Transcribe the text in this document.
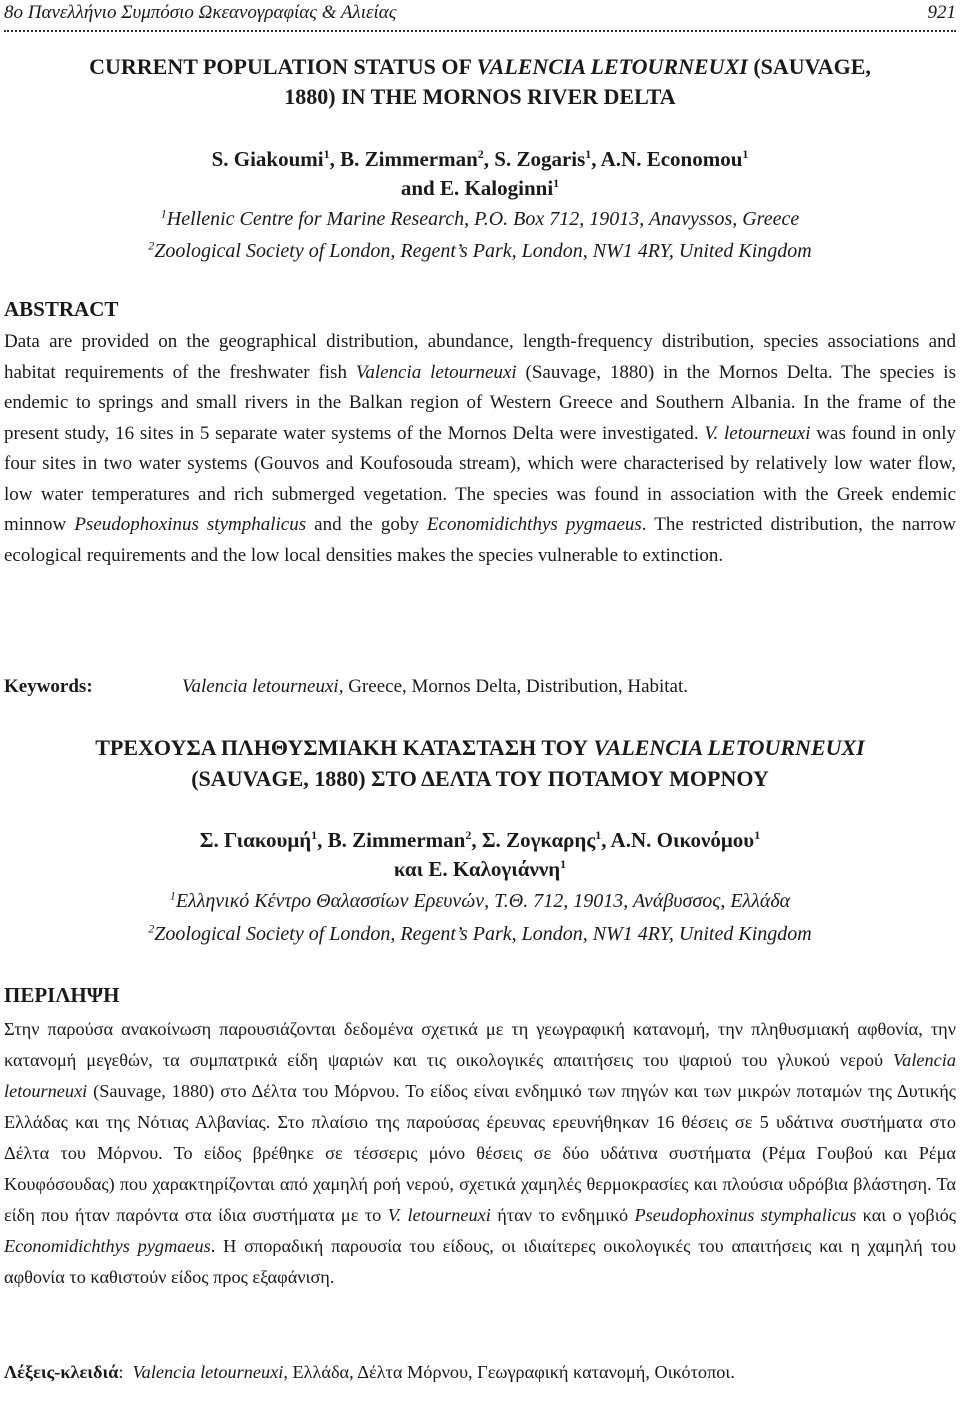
8ο Πανελλήνιο Συμπόσιο Ωκεανογραφίας & Αλιείας	921
CURRENT POPULATION STATUS OF VALENCIA LETOURNEUXI (SAUVAGE,
1880) IN THE MORNOS RIVER DELTA
S. Giakoumi$^1$, B. Zimmerman$^2$, S. Zogaris$^1$, A.N. Economou$^1$
and E. Kaloginni$^1$
$^1$Hellenic Centre for Marine Research, P.O. Box 712, 19013, Anavyssos, Greece
$^2$Zoological Society of London, Regent’s Park, London, NW1 4RY, United Kingdom
ABSTRACT
Data are provided on the geographical distribution, abundance, length-frequency distribution, species associations and habitat requirements of the freshwater fish Valencia letourneuxi (Sauvage, 1880) in the Mornos Delta. The species is endemic to springs and small rivers in the Balkan region of Western Greece and Southern Albania. In the frame of the present study, 16 sites in 5 separate water systems of the Mornos Delta were investigated. V. letourneuxi was found in only four sites in two water systems (Gouvos and Koufosouda stream), which were characterised by relatively low water flow, low water temperatures and rich submerged vegetation. The species was found in association with the Greek endemic minnow Pseudophoxinus stymphalicus and the goby Economidichthys pygmaeus. The restricted distribution, the narrow ecological requirements and the low local densities makes the species vulnerable to extinction.
Keywords:	Valencia letourneuxi, Greece, Mornos Delta, Distribution, Habitat.
ΤΡΕΧΟΥΣΑ ΠΛΗΘΥΣΜΙΑΚΗ ΚΑΤΑΣΤΑΣΗ ΤΟΥ VALENCIA LETOURNEUXI
(SAUVAGE, 1880) ΣΤΟ ΔΕΛΤΑ ΤΟΥ ΠΟΤΑΜΟΥ ΜΟΡΝΟΥ
Σ. Γιακουμή$^1$, B. Zimmerman$^2$, Σ. Ζογκαρης$^1$, Α.Ν. Οικονόμου$^1$
και Ε. Καλογιάννη$^1$
$^1$Ελληνικό Κέντρο Θαλασσίων Ερευνών, Τ.Θ. 712, 19013, Ανάβυσσος, Ελλάδα
$^2$Zoological Society of London, Regent’s Park, London, NW1 4RY, United Kingdom
ΠΕΡΙΛΗΨΗ
Στην παρούσα ανακοίνωση παρουσιάζονται δεδομένα σχετικά με τη γεωγραφική κατανομή, την πληθυσμιακή αφθονία, την κατανομή μεγεθών, τα συμπατρικά είδη ψαριών και τις οικολογικές απαιτήσεις του ψαριού του γλυκού νερού Valencia letourneuxi (Sauvage, 1880) στο Δέλτα του Μόρνου. Το είδος είναι ενδημικό των πηγών και των μικρών ποταμών της Δυτικής Ελλάδας και της Νότιας Αλβανίας. Στο πλαίσιο της παρούσας έρευνας ερευνήθηκαν 16 θέσεις σε 5 υδάτινα συστήματα στο Δέλτα του Μόρνου. Το είδος βρέθηκε σε τέσσερις μόνο θέσεις σε δύο υδάτινα συστήματα (Ρέμα Γουβού και Ρέμα Κουφόσουδας) που χαρακτηρίζονται από χαμηλή ροή νερού, σχετικά χαμηλές θερμοκρασίες και πλούσια υδρόβια βλάστηση. Τα είδη που ήταν παρόντα στα ίδια συστήματα με το V. letourneuxi ήταν το ενδημικό Pseudophoxinus stymphalicus και ο γοβιός Economidichthys pygmaeus. Η σποραδική παρουσία του είδους, οι ιδιαίτερες οικολογικές του απαιτήσεις και η χαμηλή του αφθονία το καθιστούν είδος προς εξαφάνιση.
Λέξεις-κλειδιά: Valencia letourneuxi, Ελλάδα, Δέλτα Μόρνου, Γεωγραφική κατανομή, Οικότοποι.
